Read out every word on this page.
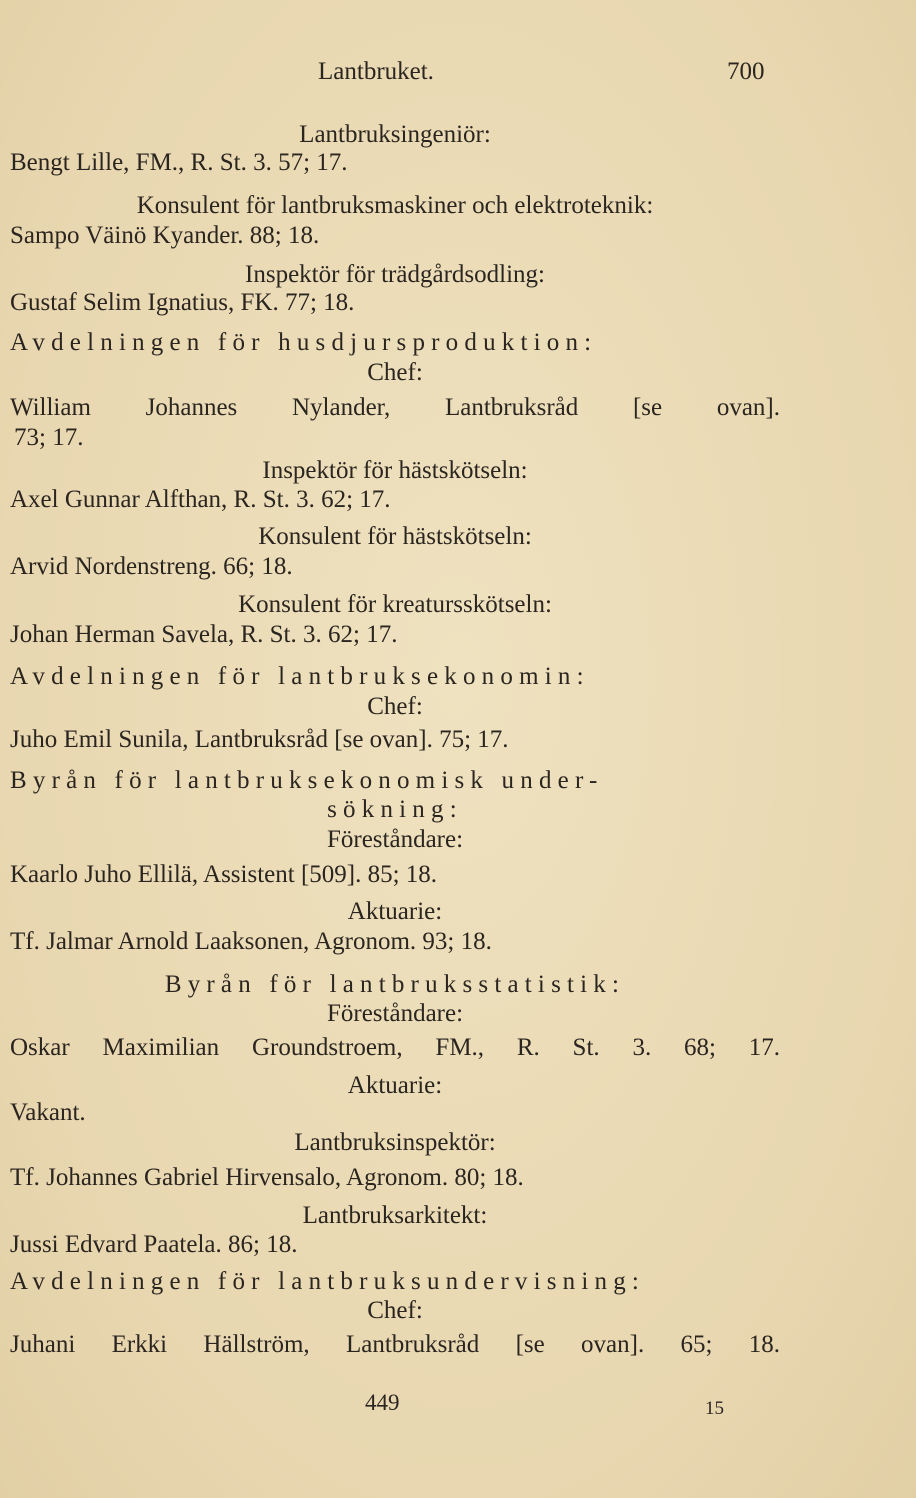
Lantbruket.	700
Lantbruksingeniör:
Bengt Lille, FM., R. St. 3. 57; 17.
Konsulent för lantbruksmaskiner och elektroteknik:
Sampo Väinö Kyander. 88; 18.
Inspektör för trädgårdsodling:
Gustaf Selim Ignatius, FK. 77; 18.
Avdelningen för husdjursproduktion:
Chef:
William Johannes Nylander, Lantbruksråd [se ovan].
73; 17.
Inspektör för hästskötseln:
Axel Gunnar Alfthan, R. St. 3. 62; 17.
Konsulent för hästskötseln:
Arvid Nordenstreng. 66; 18.
Konsulent för kreatursskötseln:
Johan Herman Savela, R. St. 3. 62; 17.
Avdelningen för lantbruksekonomin:
Chef:
Juho Emil Sunila, Lantbruksråd [se ovan]. 75; 17.
Byrån för lantbruksekonomisk under-
sökning:
Föreståndare:
Kaarlo Juho Ellilä, Assistent [509]. 85; 18.
Aktuarie:
Tf. Jalmar Arnold Laaksonen, Agronom. 93; 18.
Byrån för lantbruksstatistik:
Föreståndare:
Oskar Maximilian Groundstroem, FM., R. St. 3. 68; 17.
Aktuarie:
Vakant.
Lantbruksinspektör:
Tf. Johannes Gabriel Hirvensalo, Agronom. 80; 18.
Lantbruksarkitekt:
Jussi Edvard Paatela. 86; 18.
Avdelningen för lantbruksundervisning:
Chef:
Juhani Erkki Hällström, Lantbruksråd [se ovan]. 65; 18.
449	15
